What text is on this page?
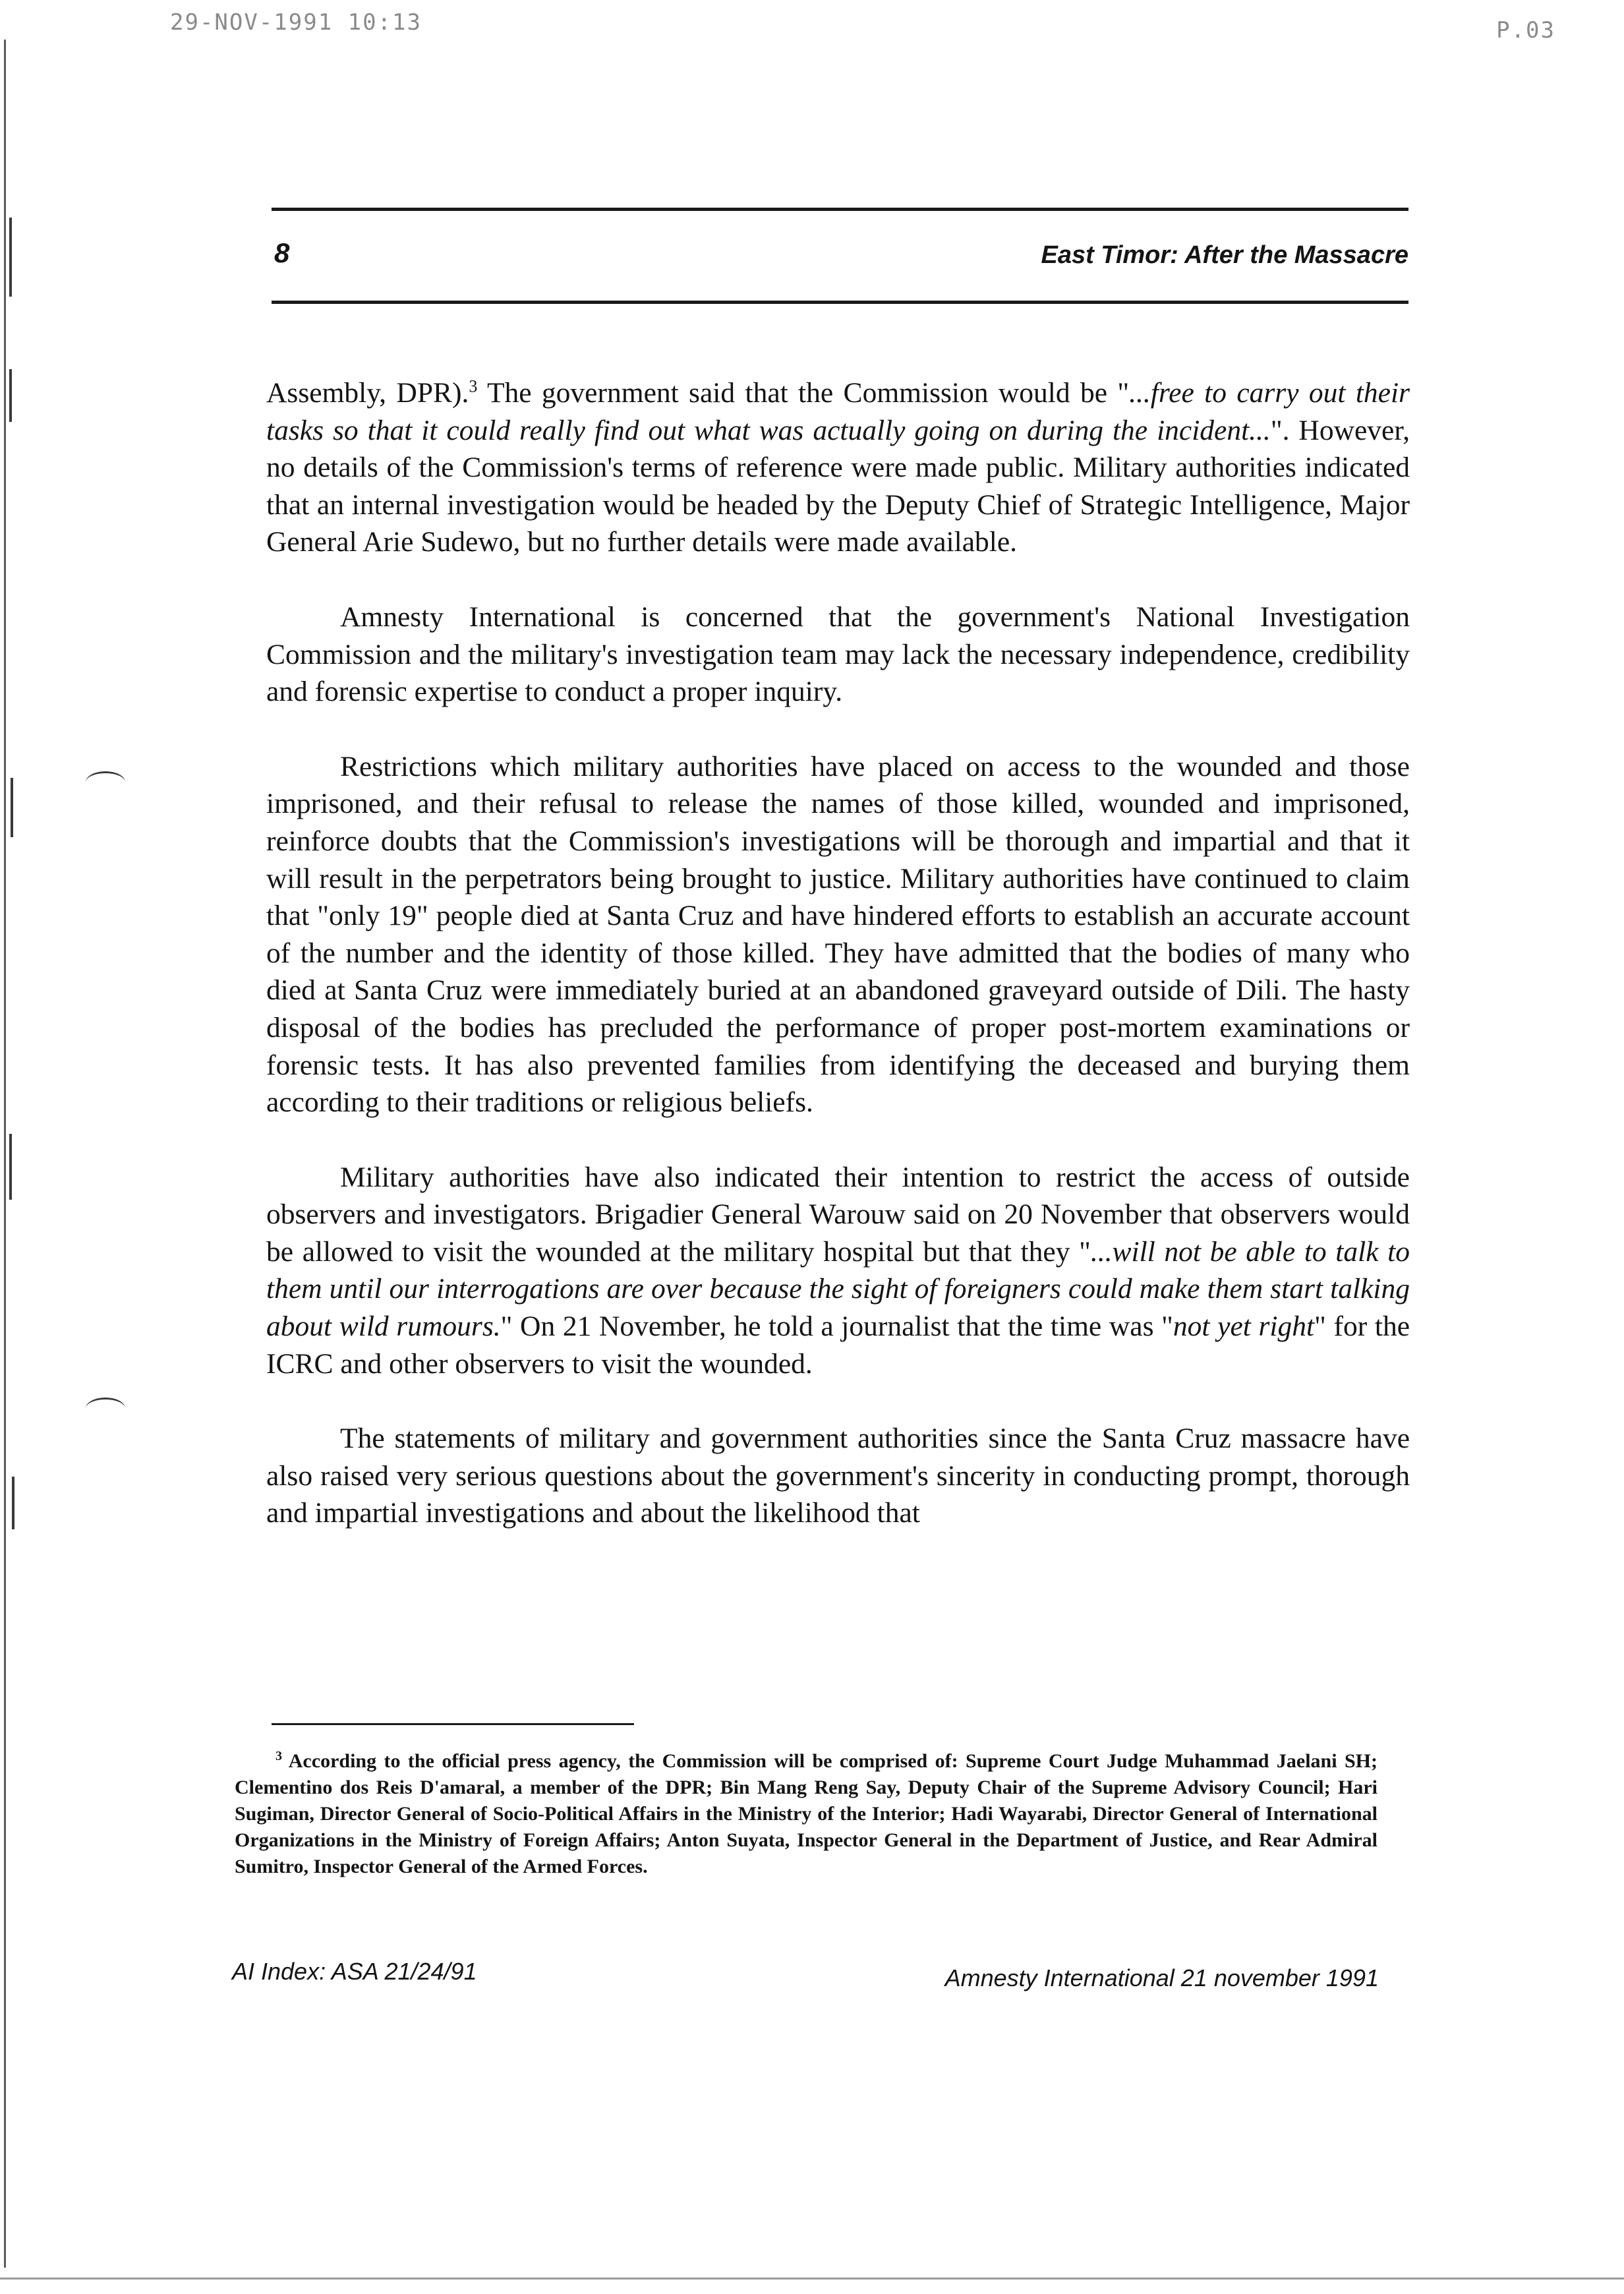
29-NOV-1991 10:13	P.03
8	East Timor: After the Massacre

Assembly, DPR).$^3$ The government said that the Commission would be "...free to carry out their tasks so that it could really find out what was actually going on during the incident...". However, no details of the Commission's terms of reference were made public. Military authorities indicated that an internal investigation would be headed by the Deputy Chief of Strategic Intelligence, Major General Arie Sudewo, but no further details were made available.

Amnesty International is concerned that the government's National Investigation Commission and the military's investigation team may lack the necessary independence, credibility and forensic expertise to conduct a proper inquiry.

Restrictions which military authorities have placed on access to the wounded and those imprisoned, and their refusal to release the names of those killed, wounded and imprisoned, reinforce doubts that the Commission's investigations will be thorough and impartial and that it will result in the perpetrators being brought to justice. Military authorities have continued to claim that "only 19" people died at Santa Cruz and have hindered efforts to establish an accurate account of the number and the identity of those killed. They have admitted that the bodies of many who died at Santa Cruz were immediately buried at an abandoned graveyard outside of Dili. The hasty disposal of the bodies has precluded the performance of proper post-mortem examinations or forensic tests. It has also prevented families from identifying the deceased and burying them according to their traditions or religious beliefs.

Military authorities have also indicated their intention to restrict the access of outside observers and investigators. Brigadier General Warouw said on 20 November that observers would be allowed to visit the wounded at the military hospital but that they "...will not be able to talk to them until our interrogations are over because the sight of foreigners could make them start talking about wild rumours." On 21 November, he told a journalist that the time was "not yet right" for the ICRC and other observers to visit the wounded.

The statements of military and government authorities since the Santa Cruz massacre have also raised very serious questions about the government's sincerity in conducting prompt, thorough and impartial investigations and about the likelihood that

$^3$ According to the official press agency, the Commission will be comprised of: Supreme Court Judge Muhammad Jaelani SH; Clementino dos Reis D'amaral, a member of the DPR; Bin Mang Reng Say, Deputy Chair of the Supreme Advisory Council; Hari Sugiman, Director General of Socio-Political Affairs in the Ministry of the Interior; Hadi Wayarabi, Director General of International Organizations in the Ministry of Foreign Affairs; Anton Suyata, Inspector General in the Department of Justice, and Rear Admiral Sumitro, Inspector General of the Armed Forces.
AI Index: ASA 21/24/91	Amnesty International 21 november 1991
